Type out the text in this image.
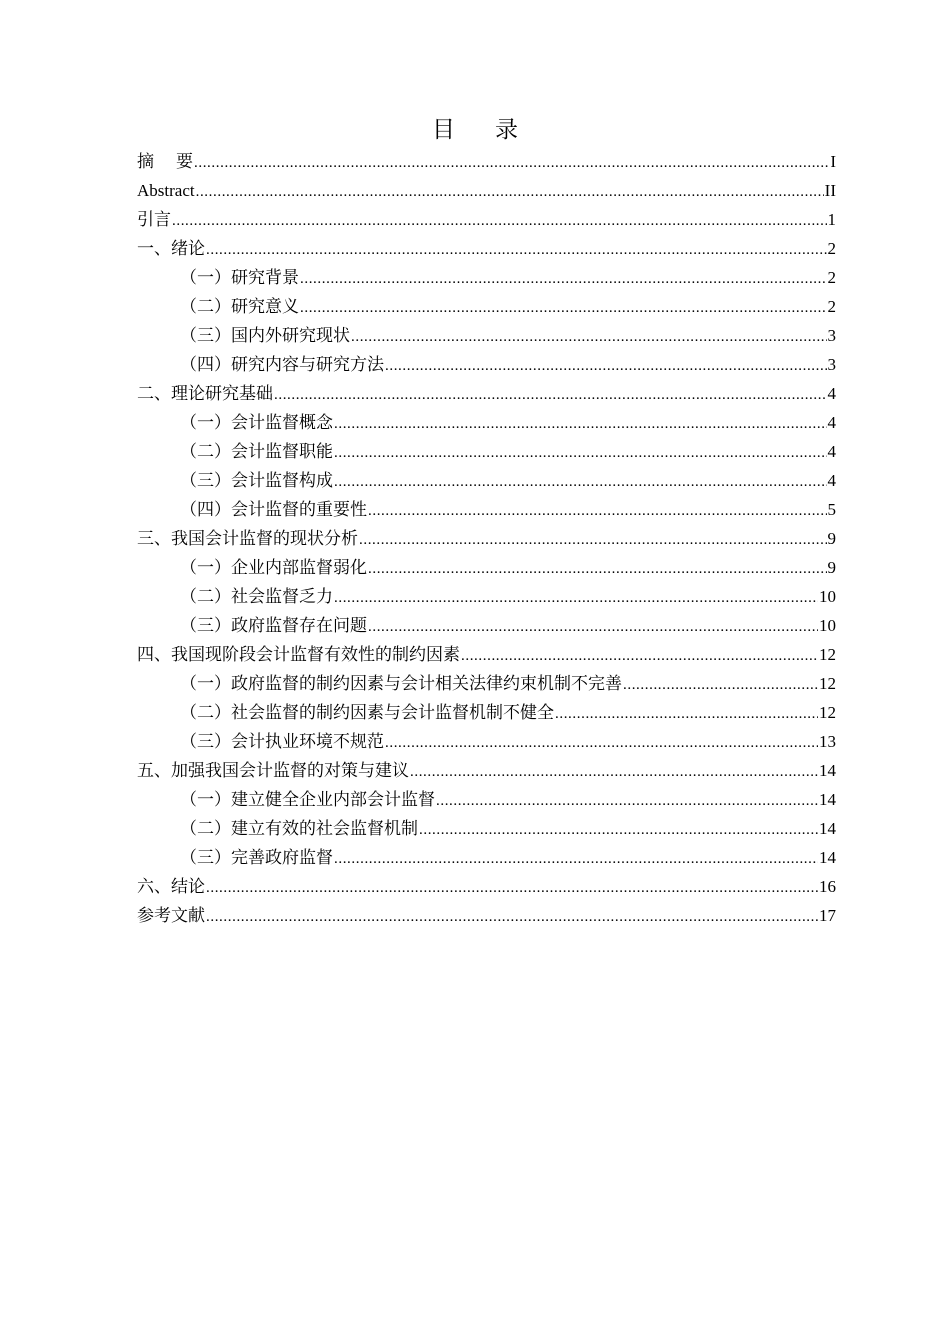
目 录
摘要 .....	I
Abstract .....	II
引言 .....	1
一、绪论 .....	2
（一）研究背景 .....	2
（二）研究意义 .....	2
（三）国内外研究现状 .....	3
（四）研究内容与研究方法 .....	3
二、理论研究基础 .....	4
（一）会计监督概念 .....	4
（二）会计监督职能 .....	4
（三）会计监督构成 .....	4
（四）会计监督的重要性 .....	5
三、我国会计监督的现状分析 .....	9
（一）企业内部监督弱化 .....	9
（二）社会监督乏力 .....	10
（三）政府监督存在问题 .....	10
四、我国现阶段会计监督有效性的制约因素 .....	12
（一）政府监督的制约因素与会计相关法律约束机制不完善 .....	12
（二）社会监督的制约因素与会计监督机制不健全 .....	12
（三）会计执业环境不规范 .....	13
五、加强我国会计监督的对策与建议 .....	14
（一）建立健全企业内部会计监督 .....	14
（二）建立有效的社会监督机制 .....	14
（三）完善政府监督 .....	14
六、结论 .....	16
参考文献 .....	17
